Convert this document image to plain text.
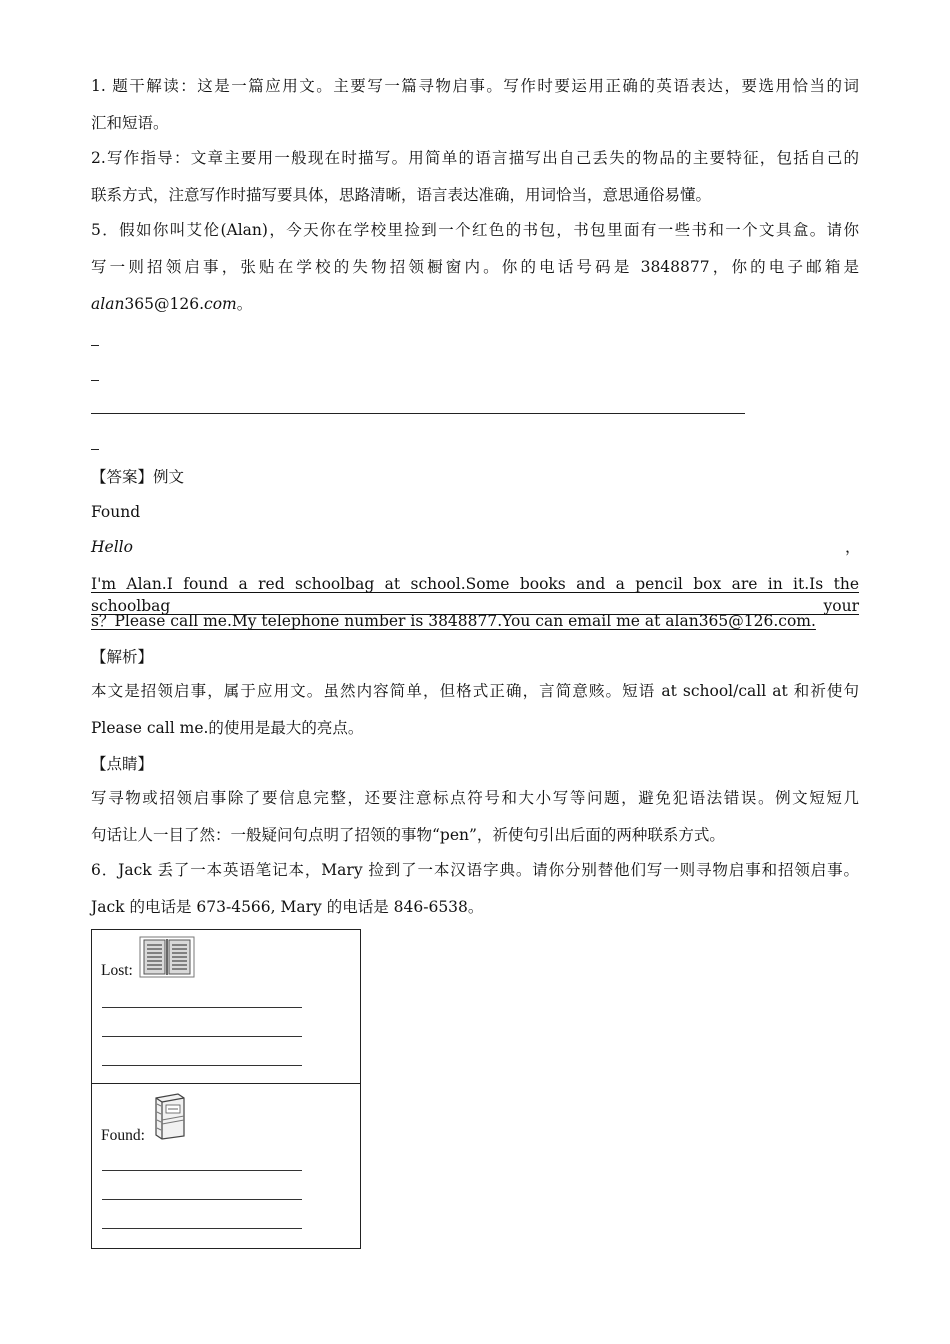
1. 题干解读：这是一篇应用文。主要写一篇寻物启事。写作时要运用正确的英语表达，要选用恰当的词
汇和短语。
2.写作指导：文章主要用一般现在时描写。用简单的语言描写出自己丢失的物品的主要特征，包括自己的
联系方式，注意写作时描写要具体，思路清晰，语言表达准确，用词恰当，意思通俗易懂。
5．假如你叫艾伦(Alan)，今天你在学校里捡到一个红色的书包，书包里面有一些书和一个文具盒。请你
写一则招领启事，张贴在学校的失物招领橱窗内。你的电话号码是 3848877，你的电子邮箱是
alan365@126.com。
【答案】例文
Found
Hello	，
I'm Alan.I found a red schoolbag at school.Some books and a pencil box are in it.Is the schoolbag your
s？Please call me.My telephone number is 3848877.You can email me at alan365@126.com.
【解析】
本文是招领启事，属于应用文。虽然内容简单，但格式正确，言简意赅。短语 at school/call at 和祈使句
Please call me.的使用是最大的亮点。
【点睛】
写寻物或招领启事除了要信息完整，还要注意标点符号和大小写等问题，避免犯语法错误。例文短短几
句话让人一目了然：一般疑问句点明了招领的事物“pen”，祈使句引出后面的两种联系方式。
6．Jack 丢了一本英语笔记本，Mary 捡到了一本汉语字典。请你分别替他们写一则寻物启事和招领启事。
Jack 的电话是 673-4566, Mary 的电话是 846-6538。
Lost:
Found:
